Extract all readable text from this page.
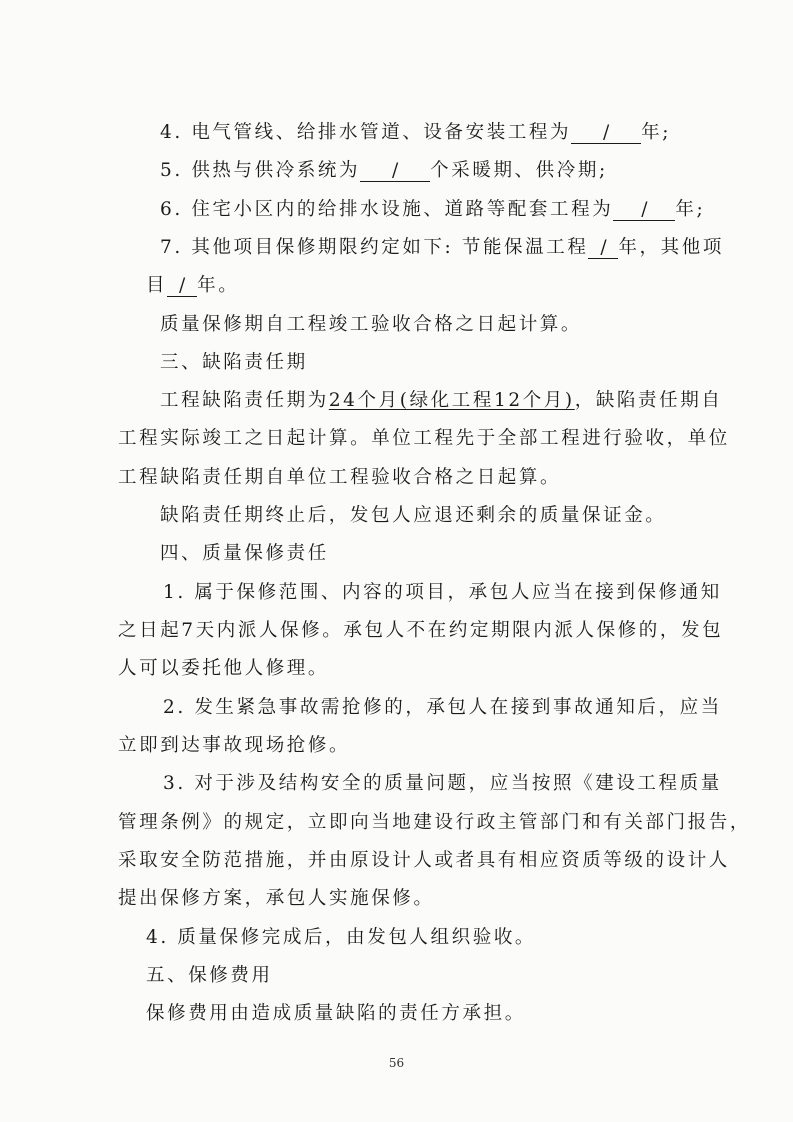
4. 电气管线、给排水管道、设备安装工程为 / 年;

5. 供热与供冷系统为 / 个采暖期、供冷期;

6. 住宅小区内的给排水设施、道路等配套工程为 / 年;

7. 其他项目保修期限约定如下: 节能保温工程 / 年，其他项

目 / 年。

质量保修期自工程竣工验收合格之日起计算。

三、缺陷责任期

工程缺陷责任期为24个月(绿化工程12个月)，缺陷责任期自

工程实际竣工之日起计算。单位工程先于全部工程进行验收，单位

工程缺陷责任期自单位工程验收合格之日起算。

缺陷责任期终止后，发包人应退还剩余的质量保证金。

四、质量保修责任

1. 属于保修范围、内容的项目，承包人应当在接到保修通知

之日起7天内派人保修。承包人不在约定期限内派人保修的，发包

人可以委托他人修理。

2. 发生紧急事故需抢修的，承包人在接到事故通知后，应当

立即到达事故现场抢修。

3. 对于涉及结构安全的质量问题，应当按照《建设工程质量

管理条例》的规定，立即向当地建设行政主管部门和有关部门报告，

采取安全防范措施，并由原设计人或者具有相应资质等级的设计人

提出保修方案，承包人实施保修。

4. 质量保修完成后，由发包人组织验收。

五、保修费用

保修费用由造成质量缺陷的责任方承担。

56
